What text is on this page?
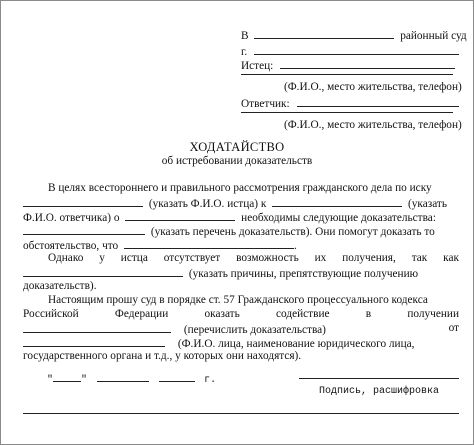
В	районный суд
г.
Истец:
(Ф.И.О., место жительства, телефон)
Ответчик:
(Ф.И.О., место жительства, телефон)
ХОДАТАЙСТВО
об истребовании доказательств
В целях всестороннего и правильного рассмотрения гражданского дела по иску
(указать Ф.И.О. истца) к	(указать
Ф.И.О. ответчика) о	необходимы следующие доказательства:
(указать перечень доказательств). Они помогут доказать то
обстоятельство, что	.
Однако у истца отсутствует возможность их получения, так как
(указать причины, препятствующие получению
доказательств).
Настоящим прошу суд в порядке ст. 57 Гражданского процессуального кодекса
Российской	Федерации	оказать	содействие	в	получении
(перечислить доказательства)	от
(Ф.И.О. лица, наименование юридического лица,
государственного органа и т.д., у которых они находятся).
"	"	г.
Подпись, расшифровка
